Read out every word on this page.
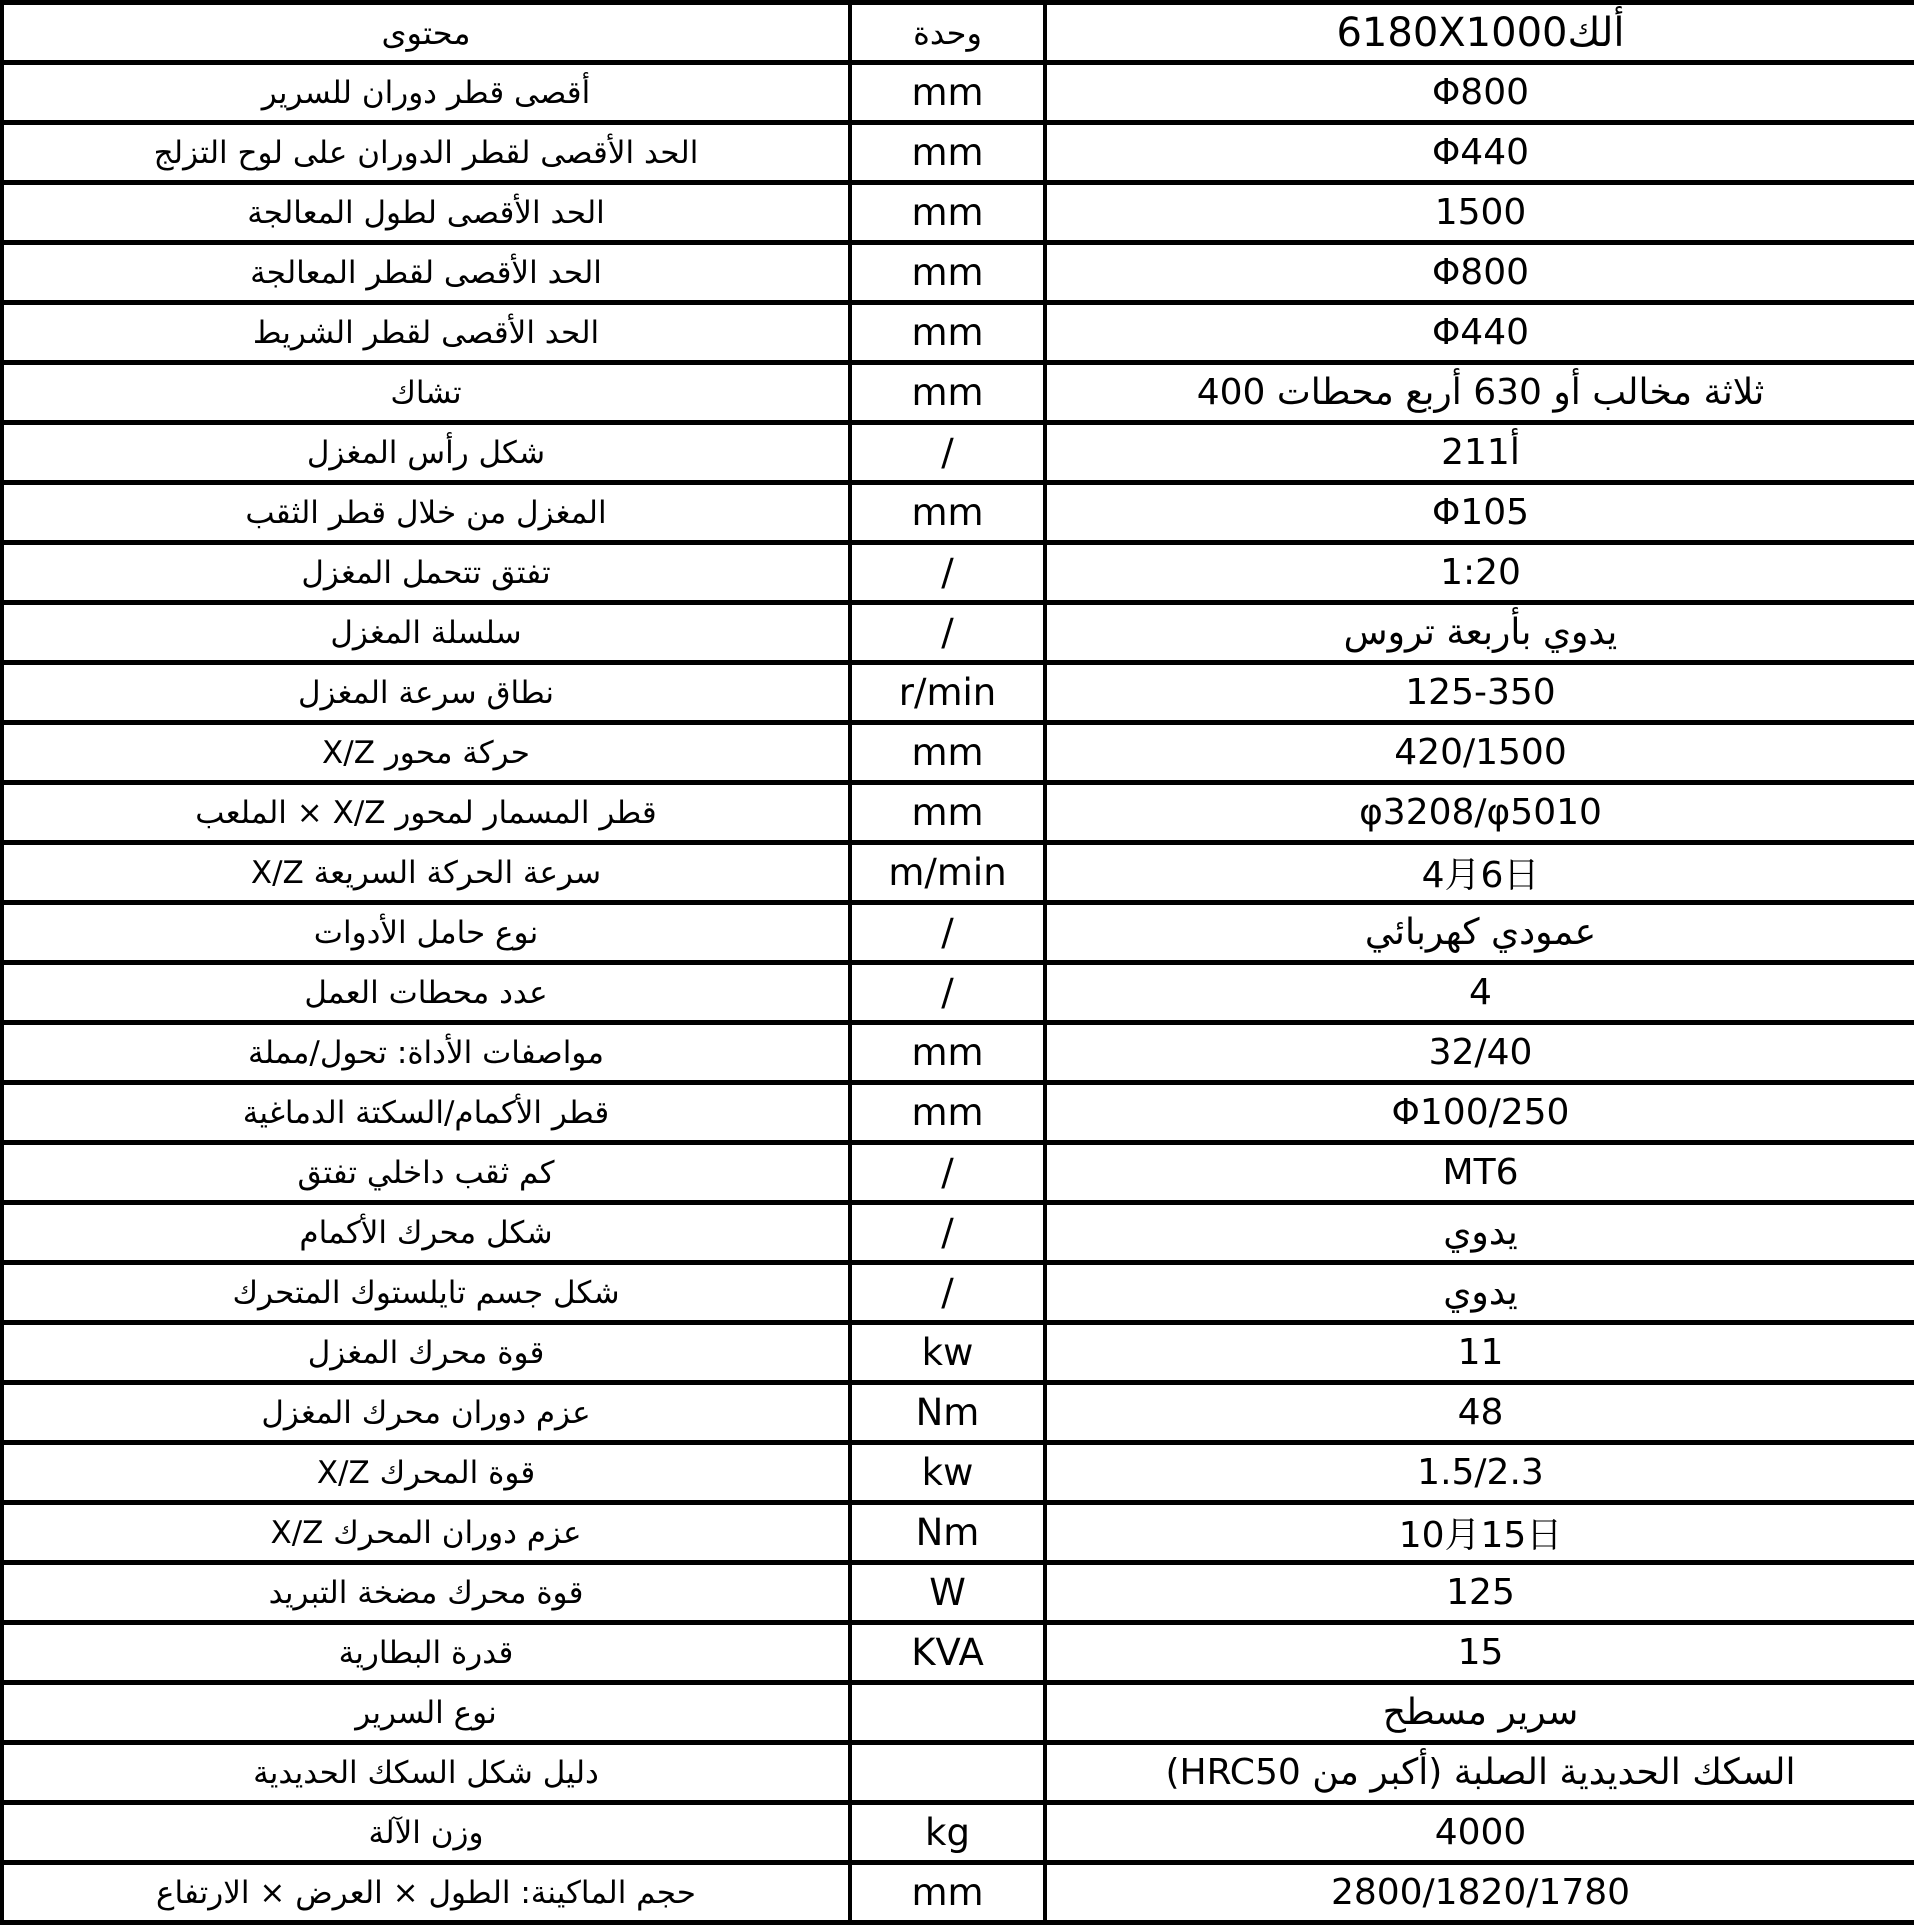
محتوى	وحدة	ألك6180X1000
أقصى قطر دوران للسرير	mm	Φ800
الحد الأقصى لقطر الدوران على لوح التزلج	mm	Φ440
الحد الأقصى لطول المعالجة	mm	1500
الحد الأقصى لقطر المعالجة	mm	Φ800
الحد الأقصى لقطر الشريط	mm	Φ440
تشاك	mm	ثلاثة مخالب أو 630 أربع محطات 400
شكل رأس المغزل	/	أ211
المغزل من خلال قطر الثقب	mm	Φ105
تفتق تتحمل المغزل	/	1:20
سلسلة المغزل	/	يدوي بأربعة تروس
نطاق سرعة المغزل	r/min	125-350
حركة محور X/Z	mm	420/1500
قطر المسمار لمحور X/Z × الملعب	mm	φ3208/φ5010
سرعة الحركة السريعة X/Z	m/min	4月6日
نوع حامل الأدوات	/	عمودي كهربائي
عدد محطات العمل	/	4
مواصفات الأداة: تحول/مملة	mm	32/40
قطر الأكمام/السكتة الدماغية	mm	Φ100/250
كم ثقب داخلي تفتق	/	MT6
شكل محرك الأكمام	/	يدوي
شكل جسم تايلستوك المتحرك	/	يدوي
قوة محرك المغزل	kw	11
عزم دوران محرك المغزل	Nm	48
قوة المحرك X/Z	kw	1.5/2.3
عزم دوران المحرك X/Z	Nm	10月15日
قوة محرك مضخة التبريد	W	125
قدرة البطارية	KVA	15
نوع السرير		سرير مسطح
دليل شكل السكك الحديدية		السكك الحديدية الصلبة (أكبر من HRC50)
وزن الآلة	kg	4000
حجم الماكينة: الطول × العرض × الارتفاع	mm	2800/1820/1780
